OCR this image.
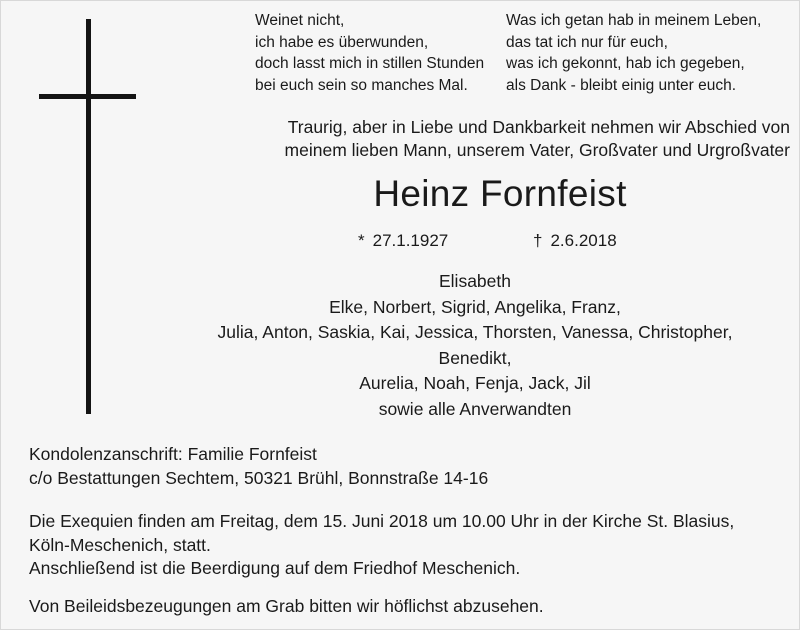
Weinet nicht,
ich habe es überwunden,
doch lasst mich in stillen Stunden
bei euch sein so manches Mal.
Was ich getan hab in meinem Leben,
das tat ich nur für euch,
was ich gekonnt, hab ich gegeben,
als Dank - bleibt einig unter euch.
Traurig, aber in Liebe und Dankbarkeit nehmen wir Abschied von
meinem lieben Mann, unserem Vater, Großvater und Urgroßvater
Heinz Fornfeist
* 27.1.1927	† 2.6.2018
Elisabeth
Elke, Norbert, Sigrid, Angelika, Franz,
Julia, Anton, Saskia, Kai, Jessica, Thorsten, Vanessa, Christopher,
Benedikt,
Aurelia, Noah, Fenja, Jack, Jil
sowie alle Anverwandten
Kondolenzanschrift: Familie Fornfeist
c/o Bestattungen Sechtem, 50321 Brühl, Bonnstraße 14-16
Die Exequien finden am Freitag, dem 15. Juni 2018 um 10.00 Uhr in der Kirche St. Blasius,
Köln-Meschenich, statt.
Anschließend ist die Beerdigung auf dem Friedhof Meschenich.
Von Beileidsbezeugungen am Grab bitten wir höflichst abzusehen.
